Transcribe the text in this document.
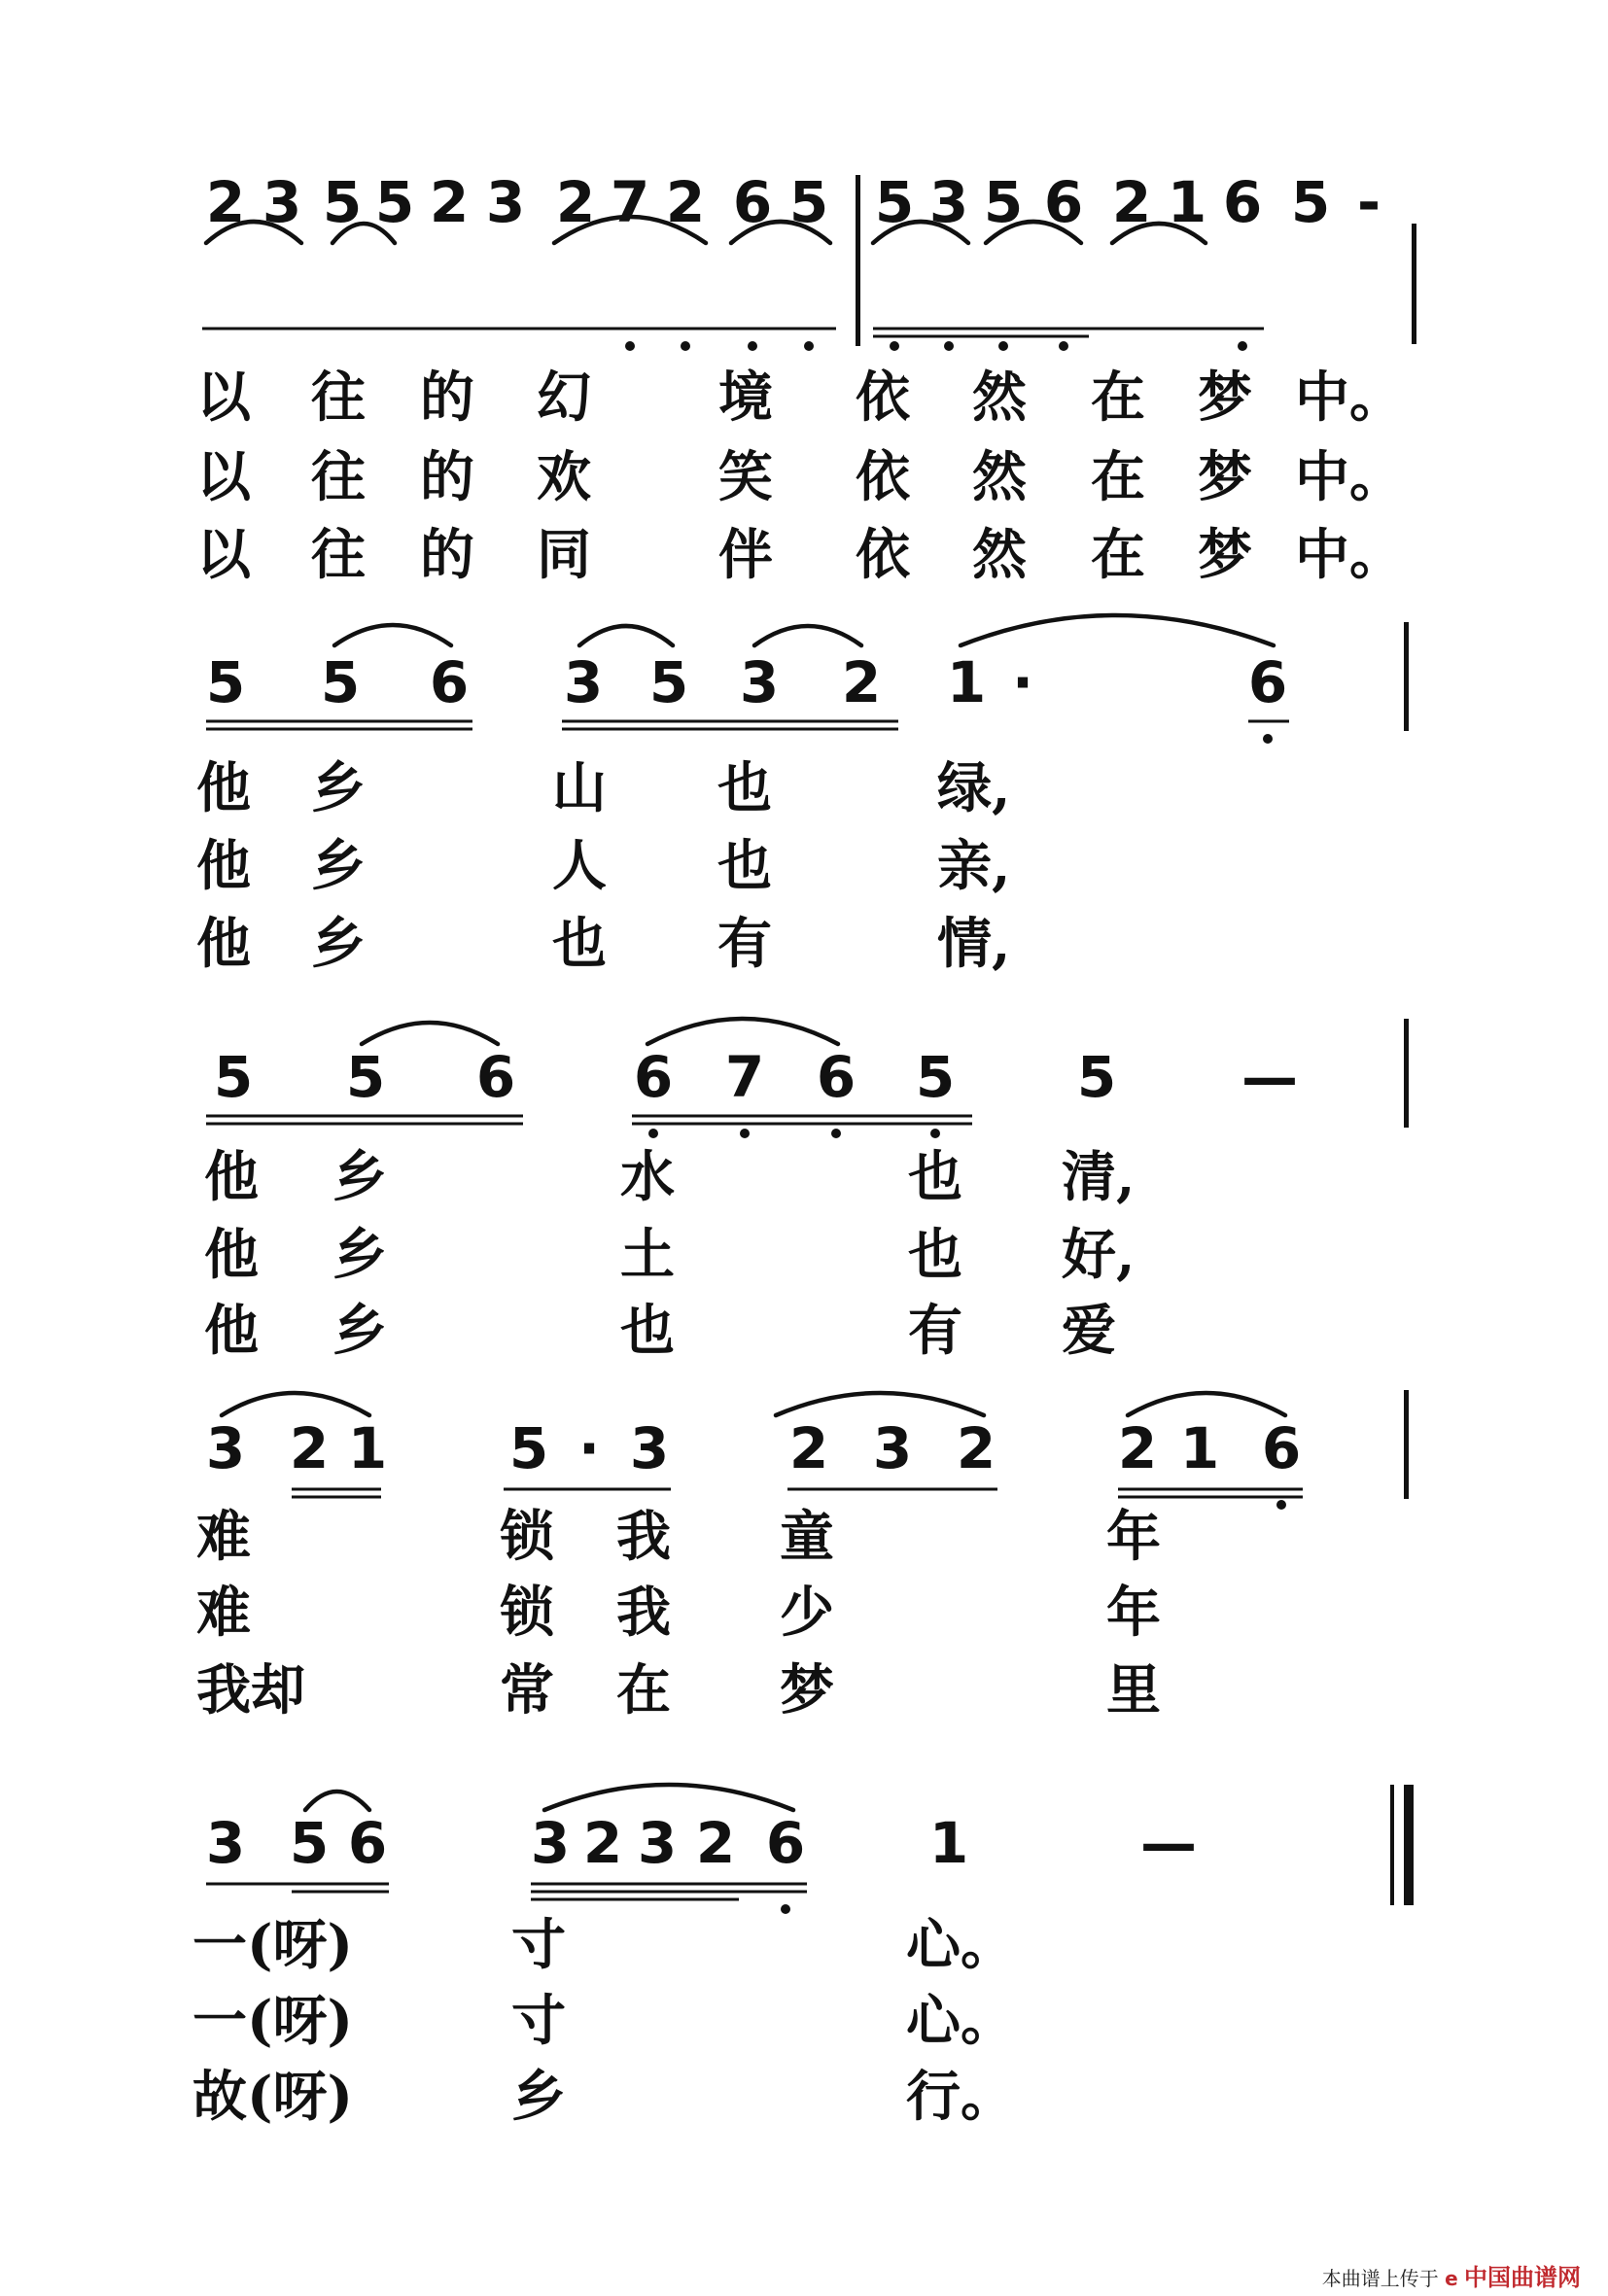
2 3 5 5 2 3 2 7 2 6 5 5 3 5 6 2 1 6 5 -
以	往	的	幻	境	依	然	在 梦 中。
以	往	的	欢	笑	依	然	在 梦 中。
以	往	的	同	伴	依	然	在 梦 中。
5 5 6 3 5 3 2 1 ·	6
他	乡	山	也	绿,
他	乡	人	也	亲,
他	乡	也	有	情,
5 5 6 6 7 6 5 5 —
他	乡	水	也	清,
他	乡	土	也	好,
他	乡	也	有	爱
3 2 1 5 · 3 2 3 2 2 1 6
难	锁	我	童	年
难	锁	我	少	年
我却	常	在	梦	里
3 5 6	3 2 3 2 6 1	—
一(呀)	寸	心。
一(呀)	寸	心。
故(呀)	乡	行。
本曲谱上传于 e 中国曲谱网
